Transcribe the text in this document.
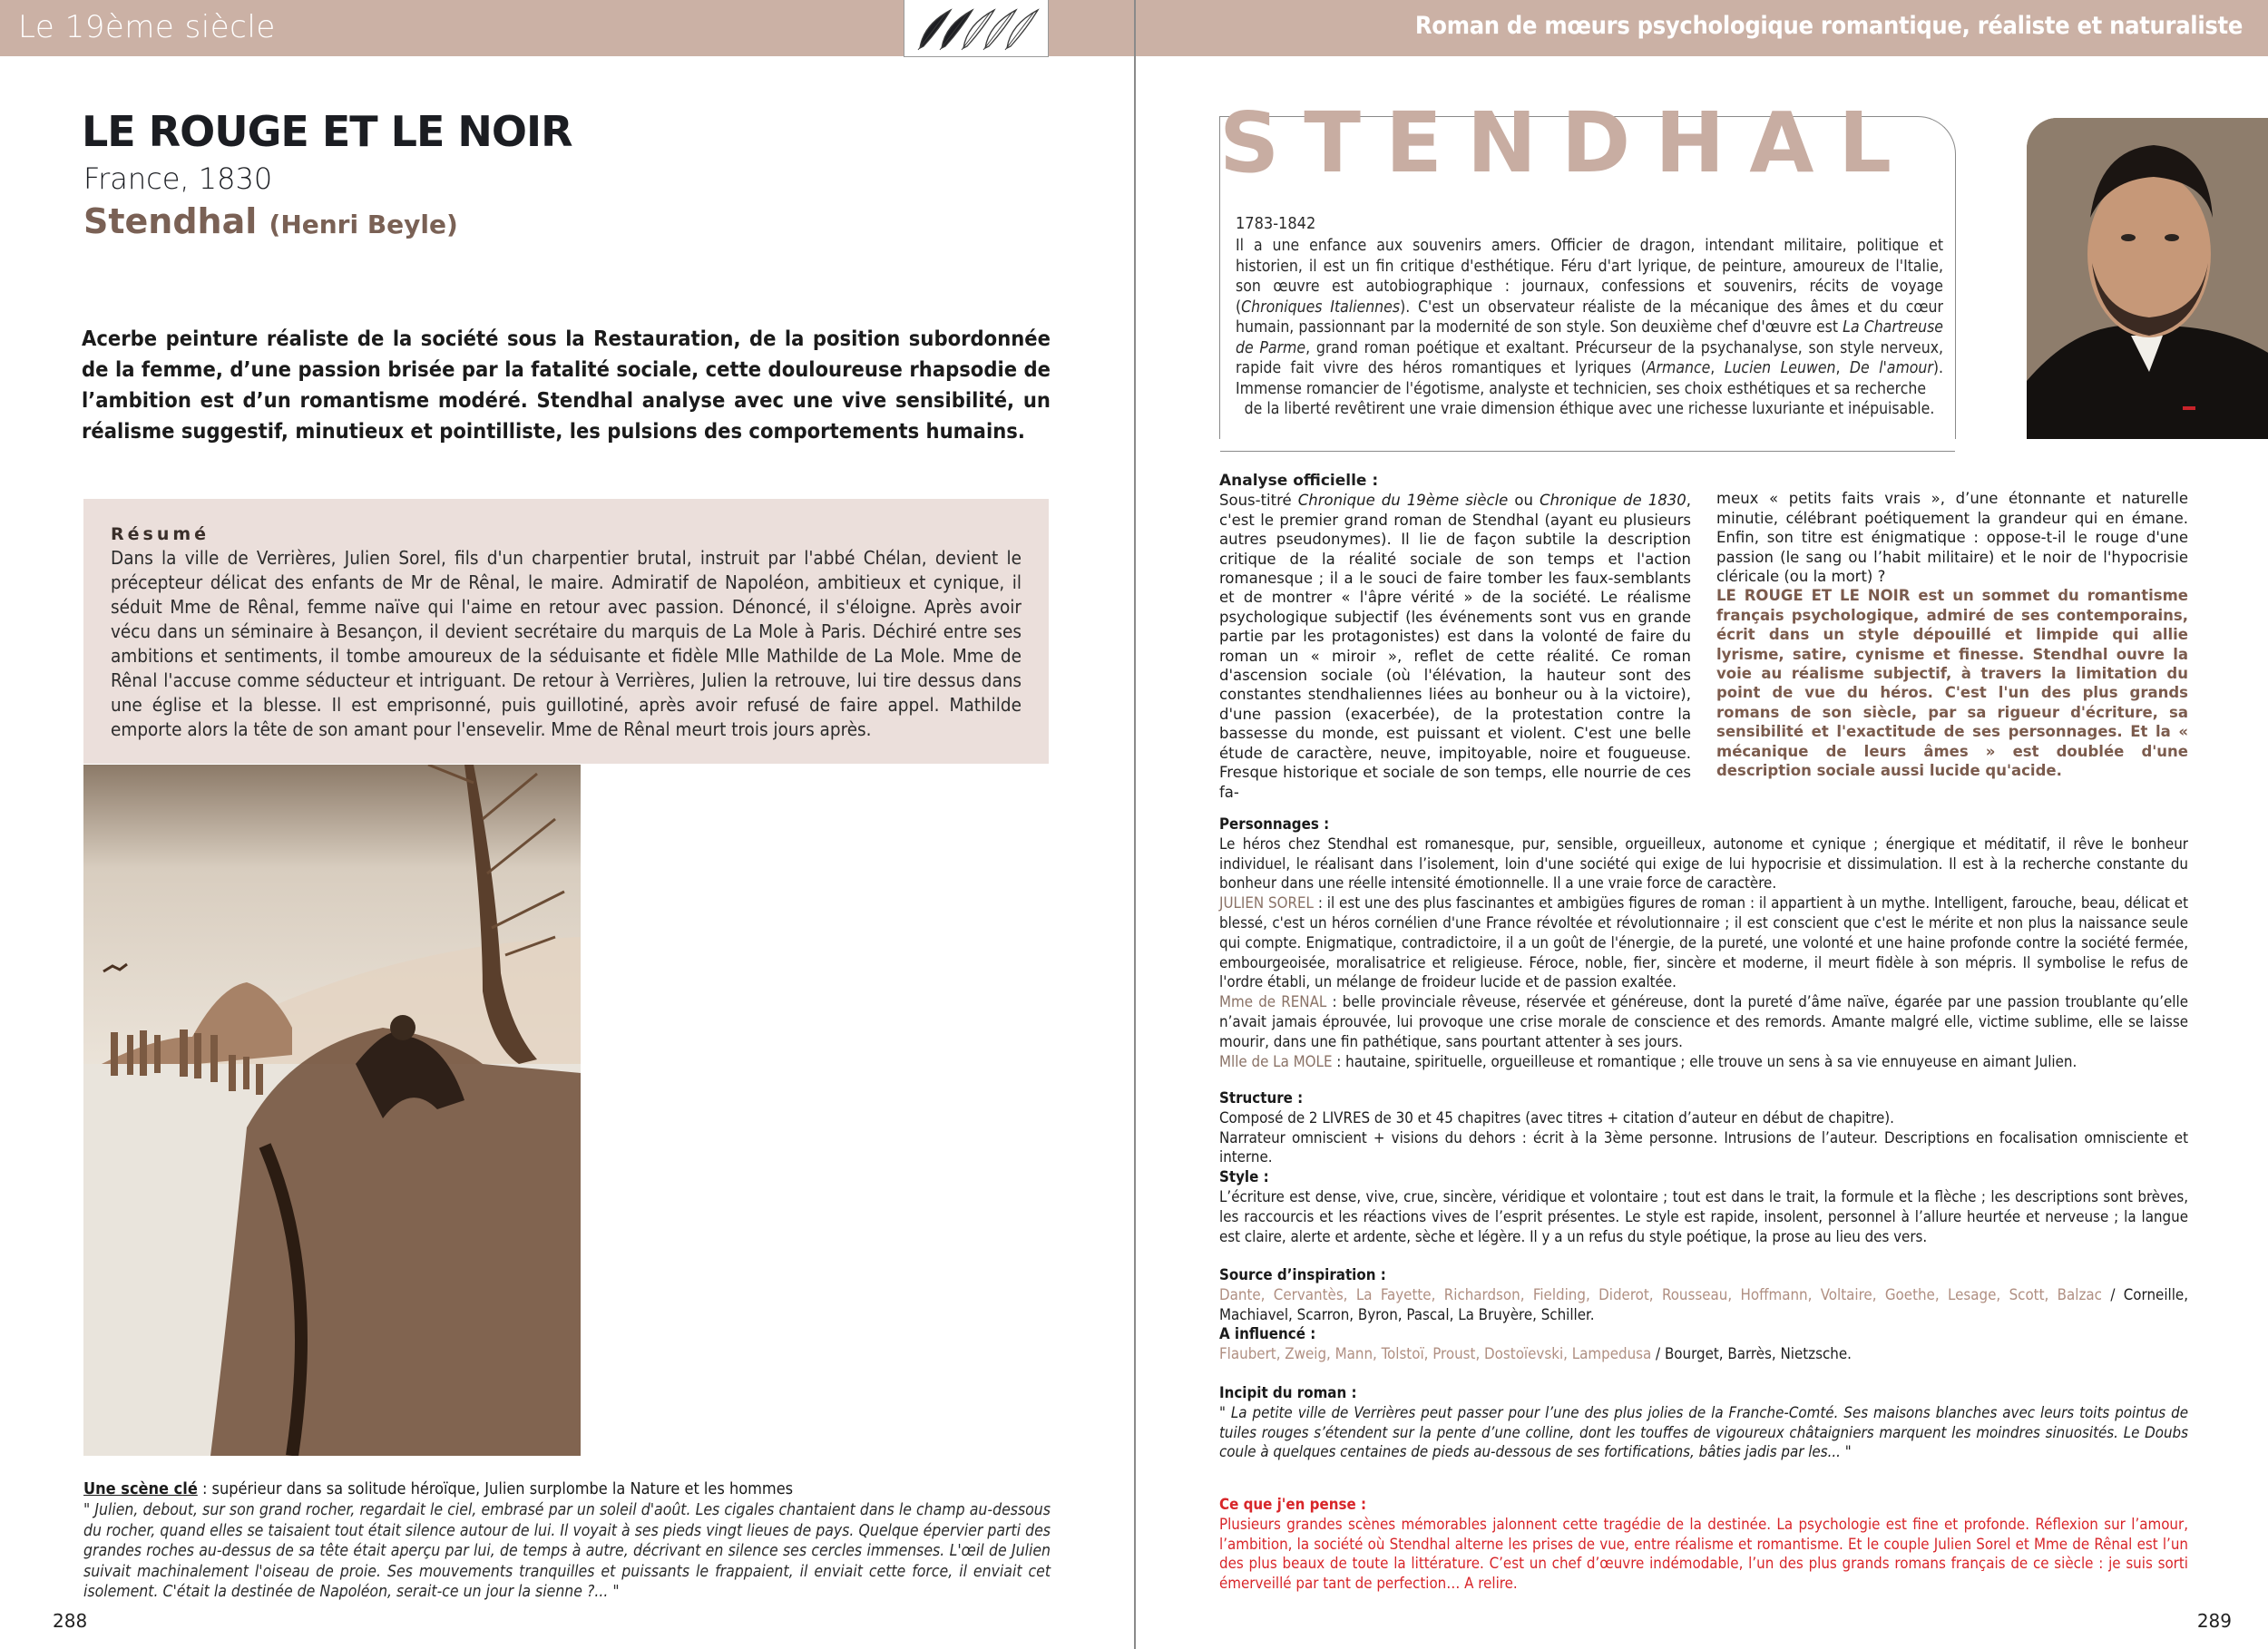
Le 19ème siècle
LE ROUGE ET LE NOIR
France, 1830
Stendhal (Henri Beyle)

Acerbe peinture réaliste de la société sous la Restauration, de la position subordonnée de la femme, d’une passion brisée par la fatalité sociale, cette douloureuse rhapsodie de l’ambition est d’un romantisme modéré. Stendhal analyse avec une vive sensibilité, un réalisme suggestif, minutieux et pointilliste, les pulsions des comportements humains.

Résumé

Dans la ville de Verrières, Julien Sorel, fils d'un charpentier brutal, instruit par l'abbé Chélan, devient le précepteur délicat des enfants de Mr de Rênal, le maire. Admiratif de Napoléon, ambitieux et cynique, il séduit Mme de Rênal, femme naïve qui l'aime en retour avec passion. Dénoncé, il s'éloigne. Après avoir vécu dans un séminaire à Besançon, il devient secrétaire du marquis de La Mole à Paris. Déchiré entre ses ambitions et sentiments, il tombe amoureux de la séduisante et fidèle Mlle Mathilde de La Mole. Mme de Rênal l'accuse comme séducteur et intriguant. De retour à Verrières, Julien la retrouve, lui tire dessus dans une église et la blesse. Il est emprisonné, puis guillotiné, après avoir refusé de faire appel. Mathilde emporte alors la tête de son amant pour l'ensevelir. Mme de Rênal meurt trois jours après.

Une scène clé : supérieur dans sa solitude héroïque, Julien surplombe la Nature et les hommes

" Julien, debout, sur son grand rocher, regardait le ciel, embrasé par un soleil d'août. Les cigales chantaient dans le champ au-dessous du rocher, quand elles se taisaient tout était silence autour de lui. Il voyait à ses pieds vingt lieues de pays. Quelque épervier parti des grandes roches au-dessus de sa tête était aperçu par lui, de temps à autre, décrivant en silence ses cercles immenses. L'œil de Julien suivait machinalement l'oiseau de proie. Ses mouvements tranquilles et puissants le frappaient, il enviait cette force, il enviait cet isolement. C'était la destinée de Napoléon, serait-ce un jour la sienne ?... "

288
Roman de mœurs psychologique romantique, réaliste et naturaliste
STENDHAL
1783-1842

Il a une enfance aux souvenirs amers. Officier de dragon, intendant militaire, politique et historien, il est un fin critique d'esthétique. Féru d'art lyrique, de peinture, amoureux de l'Italie, son œuvre est autobiographique : journaux, confessions et souvenirs, récits de voyage (Chroniques Italiennes). C'est un observateur réaliste de la mécanique des âmes et du cœur humain, passionnant par la modernité de son style. Son deuxième chef d'œuvre est La Chartreuse de Parme, grand roman poétique et exaltant. Précurseur de la psychanalyse, son style nerveux, rapide fait vivre des héros romantiques et lyriques (Armance, Lucien Leuwen, De l'amour). Immense romancier de l'égotisme, analyste et technicien, ses choix esthétiques et sa recherche
de la liberté revêtirent une vraie dimension éthique avec une richesse luxuriante et inépuisable.

Analyse officielle :

Sous-titré Chronique du 19ème siècle ou Chronique de 1830, c'est le premier grand roman de Stendhal (ayant eu plusieurs autres pseudonymes). Il lie de façon subtile la description critique de la réalité sociale de son temps et l'action romanesque ; il a le souci de faire tomber les faux-semblants et de montrer « l'âpre vérité » de la société. Le réalisme psychologique subjectif (les événements sont vus en grande partie par les protagonistes) est dans la volonté de faire du roman un « miroir », reflet de cette réalité. Ce roman d'ascension sociale (où l'élévation, la hauteur sont des constantes stendhaliennes liées au bonheur ou à la victoire), d'une passion (exacerbée), de la protestation contre la bassesse du monde, est puissant et violent. C'est une belle étude de caractère, neuve, impitoyable, noire et fougueuse. Fresque historique et sociale de son temps, elle nourrie de ces fa-

meux « petits faits vrais », d’une étonnante et naturelle minutie, célébrant poétiquement la grandeur qui en émane. Enfin, son titre est énigmatique : oppose-t-il le rouge d'une passion (le sang ou l’habit militaire) et le noir de l'hypocrisie cléricale (ou la mort) ?

LE ROUGE ET LE NOIR est un sommet du romantisme français psychologique, admiré de ses contemporains, écrit dans un style dépouillé et limpide qui allie lyrisme, satire, cynisme et finesse. Stendhal ouvre la voie au réalisme subjectif, à travers la limitation du point de vue du héros. C'est l'un des plus grands romans de son siècle, par sa rigueur d'écriture, sa sensibilité et l'exactitude de ses personnages. Et la « mécanique de leurs âmes » est doublée d'une description sociale aussi lucide qu'acide.

Personnages :

Le héros chez Stendhal est romanesque, pur, sensible, orgueilleux, autonome et cynique ; énergique et méditatif, il rêve le bonheur individuel, le réalisant dans l’isolement, loin d'une société qui exige de lui hypocrisie et dissimulation. Il est à la recherche constante du bonheur dans une réelle intensité émotionnelle. Il a une vraie force de caractère.

JULIEN SOREL : il est une des plus fascinantes et ambigües figures de roman : il appartient à un mythe. Intelligent, farouche, beau, délicat et blessé, c'est un héros cornélien d'une France révoltée et révolutionnaire ; il est conscient que c'est le mérite et non plus la naissance seule qui compte. Enigmatique, contradictoire, il a un goût de l'énergie, de la pureté, une volonté et une haine profonde contre la société fermée, embourgeoisée, moralisatrice et religieuse. Féroce, noble, fier, sincère et moderne, il meurt fidèle à son mépris. Il symbolise le refus de l'ordre établi, un mélange de froideur lucide et de passion exaltée.

Mme de RENAL : belle provinciale rêveuse, réservée et généreuse, dont la pureté d’âme naïve, égarée par une passion troublante qu’elle n’avait jamais éprouvée, lui provoque une crise morale de conscience et des remords. Amante malgré elle, victime sublime, elle se laisse mourir, dans une fin pathétique, sans pourtant attenter à ses jours.

Mlle de La MOLE : hautaine, spirituelle, orgueilleuse et romantique ; elle trouve un sens à sa vie ennuyeuse en aimant Julien.

Structure :

Composé de 2 LIVRES de 30 et 45 chapitres (avec titres + citation d’auteur en début de chapitre).

Narrateur omniscient + visions du dehors : écrit à la 3ème personne. Intrusions de l’auteur. Descriptions en focalisation omnisciente et interne.

Style :

L’écriture est dense, vive, crue, sincère, véridique et volontaire ; tout est dans le trait, la formule et la flèche ; les descriptions sont brèves, les raccourcis et les réactions vives de l’esprit présentes. Le style est rapide, insolent, personnel à l’allure heurtée et nerveuse ; la langue est claire, alerte et ardente, sèche et légère. Il y a un refus du style poétique, la prose au lieu des vers.

Source d’inspiration :

Dante, Cervantès, La Fayette, Richardson, Fielding, Diderot, Rousseau, Hoffmann, Voltaire, Goethe, Lesage, Scott, Balzac / Corneille, Machiavel, Scarron, Byron, Pascal, La Bruyère, Schiller.

A influencé :

Flaubert, Zweig, Mann, Tolstoï, Proust, Dostoïevski, Lampedusa / Bourget, Barrès, Nietzsche.

Incipit du roman :

" La petite ville de Verrières peut passer pour l’une des plus jolies de la Franche-Comté. Ses maisons blanches avec leurs toits pointus de tuiles rouges s’étendent sur la pente d’une colline, dont les touffes de vigoureux châtaigniers marquent les moindres sinuosités. Le Doubs coule à quelques centaines de pieds au-dessous de ses fortifications, bâties jadis par les... "

Ce que j'en pense :

Plusieurs grandes scènes mémorables jalonnent cette tragédie de la destinée. La psychologie est fine et profonde. Réflexion sur l’amour, l’ambition, la société où Stendhal alterne les prises de vue, entre réalisme et romantisme. Et le couple Julien Sorel et Mme de Rênal est l’un des plus beaux de toute la littérature. C’est un chef d’œuvre indémodable, l’un des plus grands romans français de ce siècle : je suis sorti émerveillé par tant de perfection… A relire.

289
